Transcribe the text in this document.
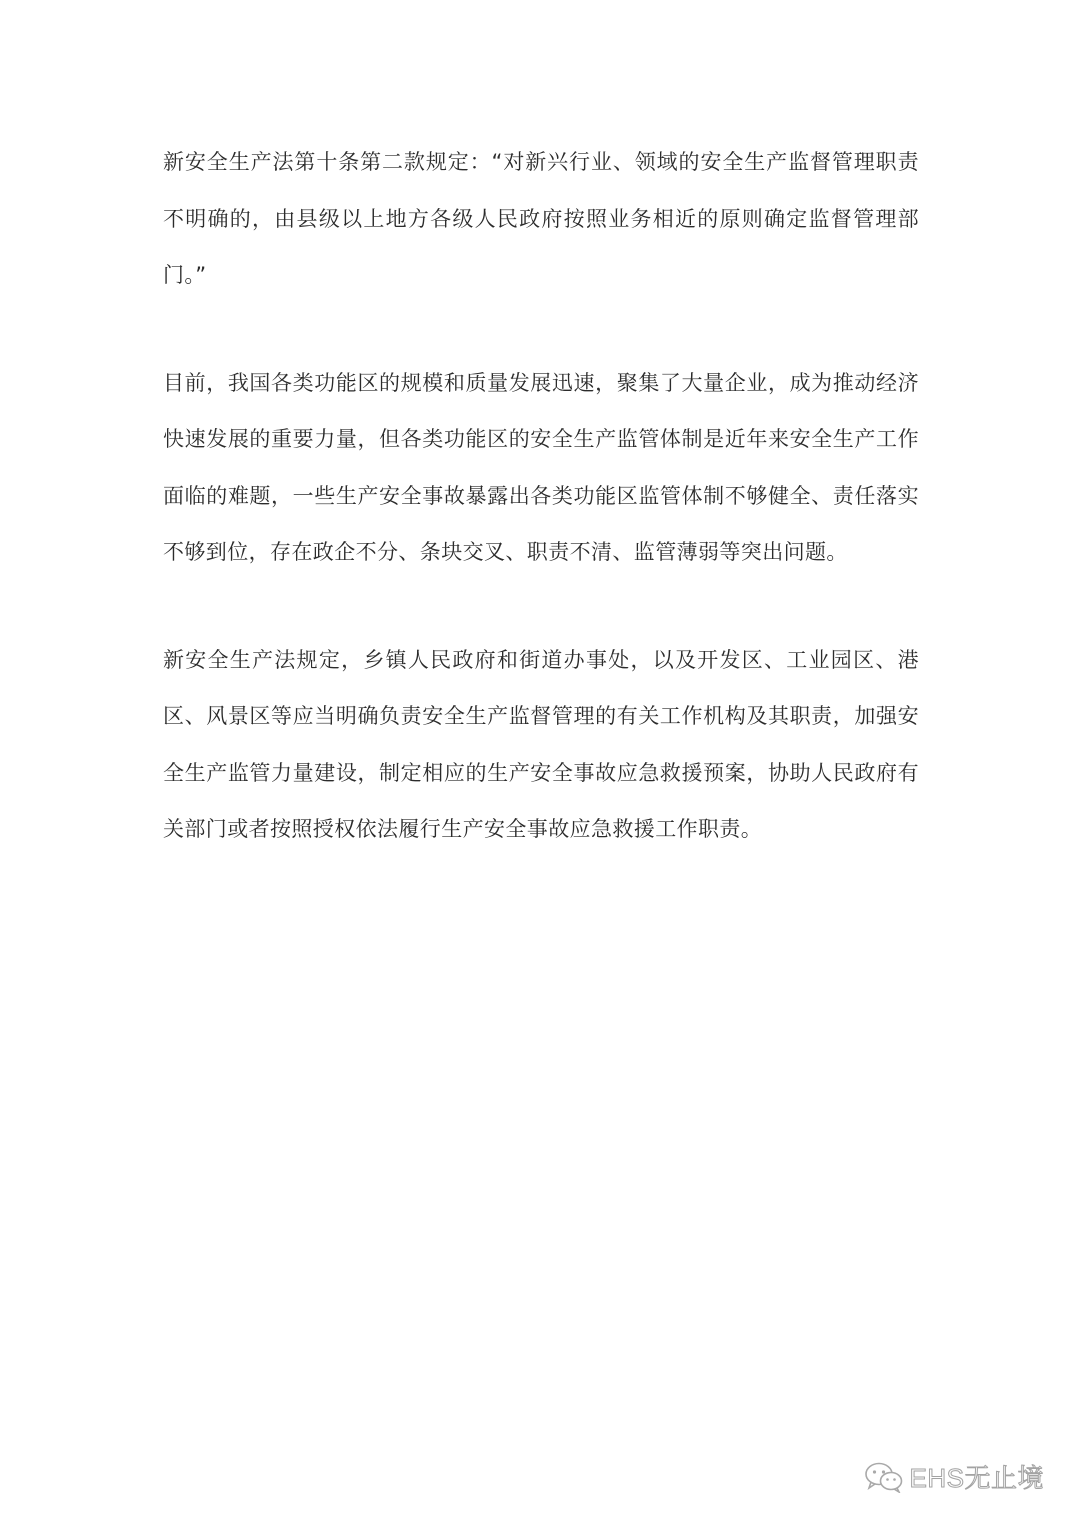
新安全生产法第十条第二款规定：“对新兴行业、领域的安全生产监督管理职责不明确的，由县级以上地方各级人民政府按照业务相近的原则确定监督管理部门。”

目前，我国各类功能区的规模和质量发展迅速，聚集了大量企业，成为推动经济快速发展的重要力量，但各类功能区的安全生产监管体制是近年来安全生产工作面临的难题，一些生产安全事故暴露出各类功能区监管体制不够健全、责任落实不够到位，存在政企不分、条块交叉、职责不清、监管薄弱等突出问题。

新安全生产法规定，乡镇人民政府和街道办事处，以及开发区、工业园区、港区、风景区等应当明确负责安全生产监督管理的有关工作机构及其职责，加强安全生产监管力量建设，制定相应的生产安全事故应急救援预案，协助人民政府有关部门或者按照授权依法履行生产安全事故应急救援工作职责。

EHS无止境
